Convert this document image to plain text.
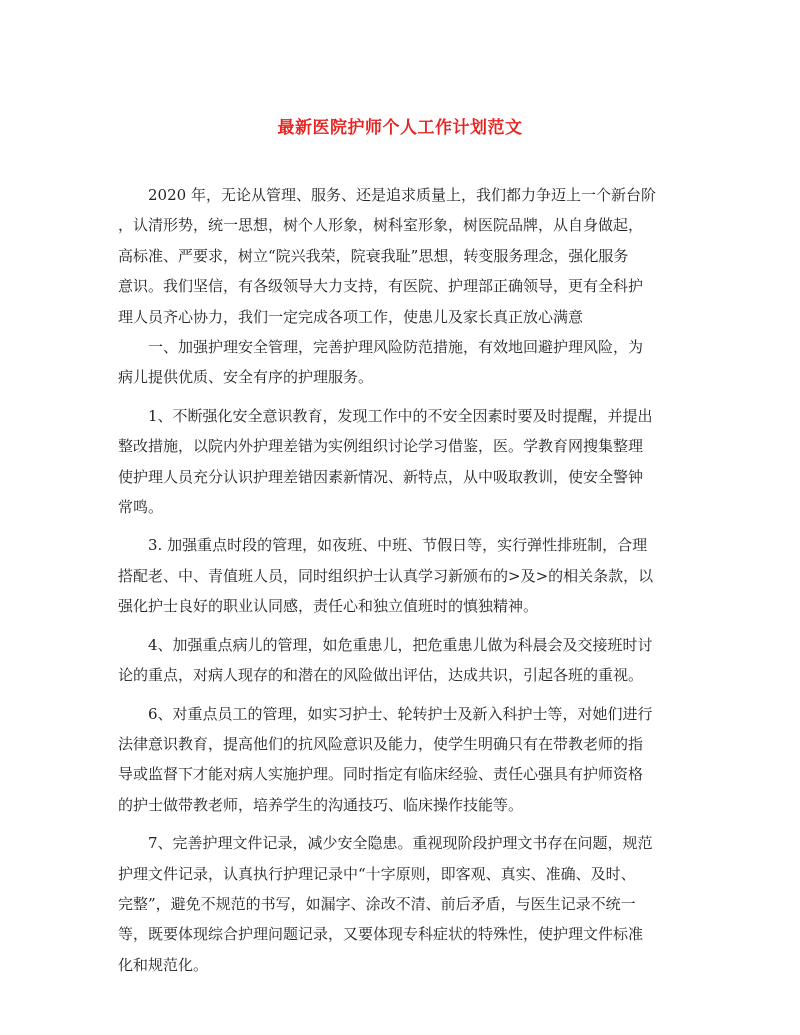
最新医院护师个人工作计划范文

2020 年，无论从管理、服务、还是追求质量上，我们都力争迈上一个新台阶
，认清形势，统一思想，树个人形象，树科室形象，树医院品牌，从自身做起，
高标准、严要求，树立“院兴我荣，院衰我耻”思想，转变服务理念，强化服务
意识。我们坚信，有各级领导大力支持，有医院、护理部正确领导，更有全科护
理人员齐心协力，我们一定完成各项工作，使患儿及家长真正放心满意

一、加强护理安全管理，完善护理风险防范措施，有效地回避护理风险，为
病儿提供优质、安全有序的护理服务。

1、不断强化安全意识教育，发现工作中的不安全因素时要及时提醒，并提出
整改措施，以院内外护理差错为实例组织讨论学习借鉴，医。学教育网搜集整理
使护理人员充分认识护理差错因素新情况、新特点，从中吸取教训，使安全警钟
常鸣。

3. 加强重点时段的管理，如夜班、中班、节假日等，实行弹性排班制，合理
搭配老、中、青值班人员，同时组织护士认真学习新颁布的>及>的相关条款，以
强化护士良好的职业认同感，责任心和独立值班时的慎独精神。

4、加强重点病儿的管理，如危重患儿，把危重患儿做为科晨会及交接班时讨
论的重点，对病人现存的和潜在的风险做出评估，达成共识，引起各班的重视。

6、对重点员工的管理，如实习护士、轮转护士及新入科护士等，对她们进行
法律意识教育，提高他们的抗风险意识及能力，使学生明确只有在带教老师的指
导或监督下才能对病人实施护理。同时指定有临床经验、责任心强具有护师资格
的护士做带教老师，培养学生的沟通技巧、临床操作技能等。

7、完善护理文件记录，减少安全隐患。重视现阶段护理文书存在问题，规范
护理文件记录，认真执行护理记录中“十字原则，即客观、真实、准确、及时、
完整”，避免不规范的书写，如漏字、涂改不清、前后矛盾，与医生记录不统一
等，既要体现综合护理问题记录，又要体现专科症状的特殊性，使护理文件标准
化和规范化。
